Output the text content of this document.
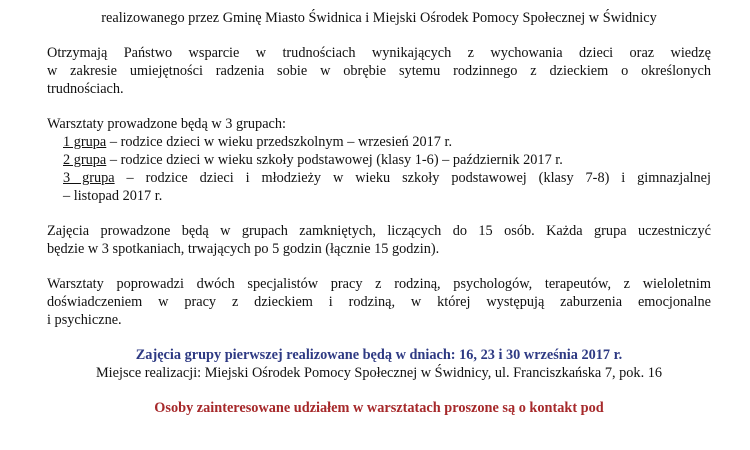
realizowanego przez Gminę Miasto Świdnica i Miejski Ośrodek Pomocy Społecznej w Świdnicy
Otrzymają Państwo wsparcie w trudnościach wynikających z wychowania dzieci oraz wiedzę
w zakresie umiejętności radzenia sobie w obrębie sytemu rodzinnego z dzieckiem o określonych
trudnościach.
Warsztaty prowadzone będą w 3 grupach:
1 grupa – rodzice dzieci w wieku przedszkolnym – wrzesień 2017 r.
2 grupa – rodzice dzieci w wieku szkoły podstawowej (klasy 1-6) – październik 2017 r.
3 grupa – rodzice dzieci i młodzieży w wieku szkoły podstawowej (klasy 7-8) i gimnazjalnej
– listopad 2017 r.
Zajęcia prowadzone będą w grupach zamkniętych, liczących do 15 osób. Każda grupa uczestniczyć
będzie w 3 spotkaniach, trwających po 5 godzin (łącznie 15 godzin).
Warsztaty poprowadzi dwóch specjalistów pracy z rodziną, psychologów, terapeutów, z wieloletnim
doświadczeniem w pracy z dzieckiem i rodziną, w której występują zaburzenia emocjonalne
i psychiczne.
Zajęcia grupy pierwszej realizowane będą w dniach: 16, 23 i 30 września 2017 r.
Miejsce realizacji: Miejski Ośrodek Pomocy Społecznej w Świdnicy, ul. Franciszkańska 7, pok. 16
Osoby zainteresowane udziałem w warsztatach proszone są o kontakt pod
